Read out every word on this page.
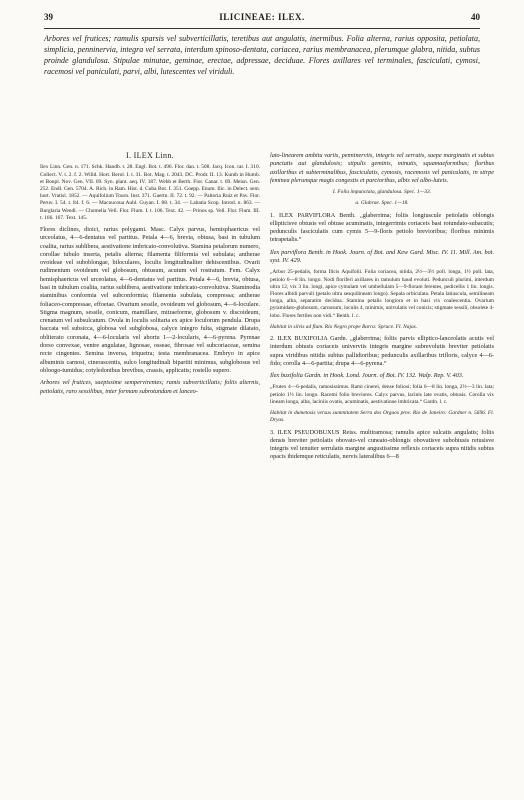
39	ILICINEAE: ILEX.	40
Arbores vel frutices; ramulis sparsis vel subverticillatis, teretibus aut angulatis, inermibus. Folia alterna, rarius opposita, petiolata, simplicia, penninervia, integra vel serrata, interdum spinoso-dentata, coriacea, rarius membranacea, plerumque glabra, nitida, subtus proinde glandulosa. Stipulae minutae, geminae, erectae, adpressae, deciduae. Flores axillares vel terminales, fasciculati, cymosi, racemosi vel paniculati, parvi, albi, lutescentes vel viriduli.

I. ILEX Linn.

Ilex Linn. Gen. n. 171. Schk. Handb. t. 28. Engl. Bot. t. 496. Flor. dan. t. 508. Jacq. Icon. rar. I. 310. Collect. V. t. 2. f. 2. Willd. Hort. Berol. I. t. 31. Bot. Mag. t. 2043. DC. Prodr. II. 13. Kunth in Humb. et Bonpl. Nov. Gen. VII. 69. Syn. plant. aeq. IV. 187. Webb et Berth. Flor. Canar. t. 69. Meisn. Gen. 252. Endl. Gen. 5704. A. Rich. in Ram. Hist. d. Cuba Bot. I. 351. Goepp. Enum. Ilic. in Delect. sem. hort. Vratisl. 1852. — Aquifolium Tourn. Inst. 371. Gaertn. II. 72. t. 92. — Paltoria Ruiz et Pav. Flor. Peruv. I. 54. t. 84. f. 6. — Macoucoua Aubl. Guyan. I. 88. t. 34. — Labatia Scop. Introd. n. 863. — Burglaria Wendl. — Chomelia Vell. Flor. Flum. I. t. 106. Text. 42. — Prinos sp. Vell. Flor. Flum. III. t. 166. 167. Text. 145.

Flores diclines, dioici, rarius polygami. Masc. Calyx parvus, hemisphaericus vel urceolatus, 4—6-dentatus vel partitus. Petala 4—6, brevia, obtusa, basi in tubulum coalita, rarius sublibera, aestivatione imbricato-convolutiva. Stamina petalorum numero, corollae tubulo inserta, petalis alterna; filamenta filiformia vel subulata; antherae ovoideae vel suboblongae, biloculares, loculis longitudinaliter dehiscentibus. Ovarii rudimentum ovoideum vel globosum, obtusum, acutum vel rostratum. Fem. Calyx hemisphaericus vel urceolatus, 4—6-dentatus vel partitus. Petala 4—6, brevia, obtusa, basi in tubulum coalita, rarius sublibera, aestivatione imbricato-convolutiva. Staminodia staminibus conformia vel subconformia; filamenta subulata, compressa; antherae foliaceo-compressae, effoetae. Ovarium sessile, ovoideum vel globosum, 4—6-loculare. Stigma magnum, sessile, conicum, mamillare, mitraeforme, globosum v. discoideum, crenatum vel subsulcatum. Ovula in loculis solitaria ex apice loculorum pendula. Drupa baccata vel subsicca, globosa vel subglobosa, calyce integro fulta, stigmate dilatato, obliterato coronata, 4—6-locularis vel abortu 1—2-locularis, 4—6-pyrena. Pyrenae dorso convexae, ventre angulatae, lignosae, osseae, fibrosae vel subcoriaceae, semina recte cingentes. Semina inversa, triquetra; testa membranacea. Embryo in apice albuminis carnosi, cinerascentis, sulco longitudinali bipartiti minimus, subglobosus vel obloogo-tumidus; cotyledonibus brevibus, crassis, applicatis; rostello supero.

Arbores vel frutices, saepissime sempervirentes; ramis subverticillatis; foliis alternis, petiolatis, raro sessilibus, inter formam subrotundam et lanceo-

lato-linearem ambitu variis, penninerviis, integris vel serratis, saepe marginatis et subtus punctatis aut glandulosis; stipulis geminis, minutis, squamaeformibus; floribus axillaribus et subterminalibus, fasciculatis, cymosis, racemosis vel paniculatis, in stirpe feminea plerumque magis congestis et parcioribus, albis vel albo-luteis.

I. Folia impunctata, glandulosa. Spec. 1—33.

a. Glabrae. Spec. 1—18.

1. ILEX PARVIFLORA Benth. „glaberrima; foliis longiuscule petiolatis oblongis ellipticisve obtusis vel obtuse acuminatis, integerrimis coriaceis basi rotundato-subacutis; pedunculis fasciculatis cum cymis 5—9-floris petiolo brevioribus; floribus minimis tetrapetalis.“

Ilex parviflora Benth. in Hook. Journ. of Bot. and Kew Gard. Misc. IV. 11. Mill. Am. bot. syst. IV. 429.

„Arbor 25-pedalis, forma Ilicis Aquifolii. Folia coriacea, nitida, 2½—3½ poll. longa, 1½ poll. lata, petiolo 6—8 lin. longo. Nodi floriferi axillares in ramulum haud evoluti. Pedunculi plurimi, interdum ultra 12, vix 3 lin. longi, apice cymulam vel umbellulam 5—9-floram ferentes, pedicellis 1 lin. longis. Flores albidi parvuli (petalo ultra sesquilineam longo). Sepala orbiculata. Petala latiuscula, semilineam longa, alba, separatim decidua. Stamina petalis longiora et in basi vix coalescentia. Ovarium pyramidato-globosum, carnosum, loculis 4, minimis, univulatis vel conicis; stigmate sessili, obsolete 4-lobo. Flores fertiles non vidi.“ Benth. l. c.

Habitat in silvis ad flum. Rio Negro prope Barra: Spruce. Fl. Najas.

2. ILEX BUXIFOLIA Gardn. „glaberrima; foliis parvis elliptico-lanceolatis acutis vel interdum obtusis coriaceis univerviis integris margine subrevolutis breviter petiolatis supra viridibus nitidis subtus pallidioribus; pedunculis axillaribus trifloris, calyce 4—6-fido; corolla 4—6-partita; drupa 4—6-pyrena.“

Ilex buxifolia Gardn. in Hook. Lond. Journ. of Bot. IV. 132. Walp. Rep. V. 403.

„Frutex 4—6-pedalis, ramosissimus. Rami cinerei, dense foliosi; folia 6—8 lin. longa, 2½—3 lin. lata; petiolo 1½ lin. longo. Racemi folio breviores. Calyx parvus, lacinis late ovatis, obtusis. Corolla vix lineam longa, alba, laciniis ovatis, acuminatis, aestivatione imbricata.“ Gardn. l. c.

Habitat in dumetosis versus summitatem Serra dos Orgaos prov. Rio de Janeiro: Gardner n. 5696. Fl. Dryas.

3. ILEX PSEUDOBUXUS Reiss. multiramosa; ramulis apice sulcatis angulatis; foliis densis breviter petiolatis obovato-vel cuneato-oblongis obovatisve subobtusis retusisve integris vel tenuiter serrulatis margine angustissime reflexis coriaceis supra nitidis subtus opacis ibidemque reticulatis, nervis lateralibus 6—8
